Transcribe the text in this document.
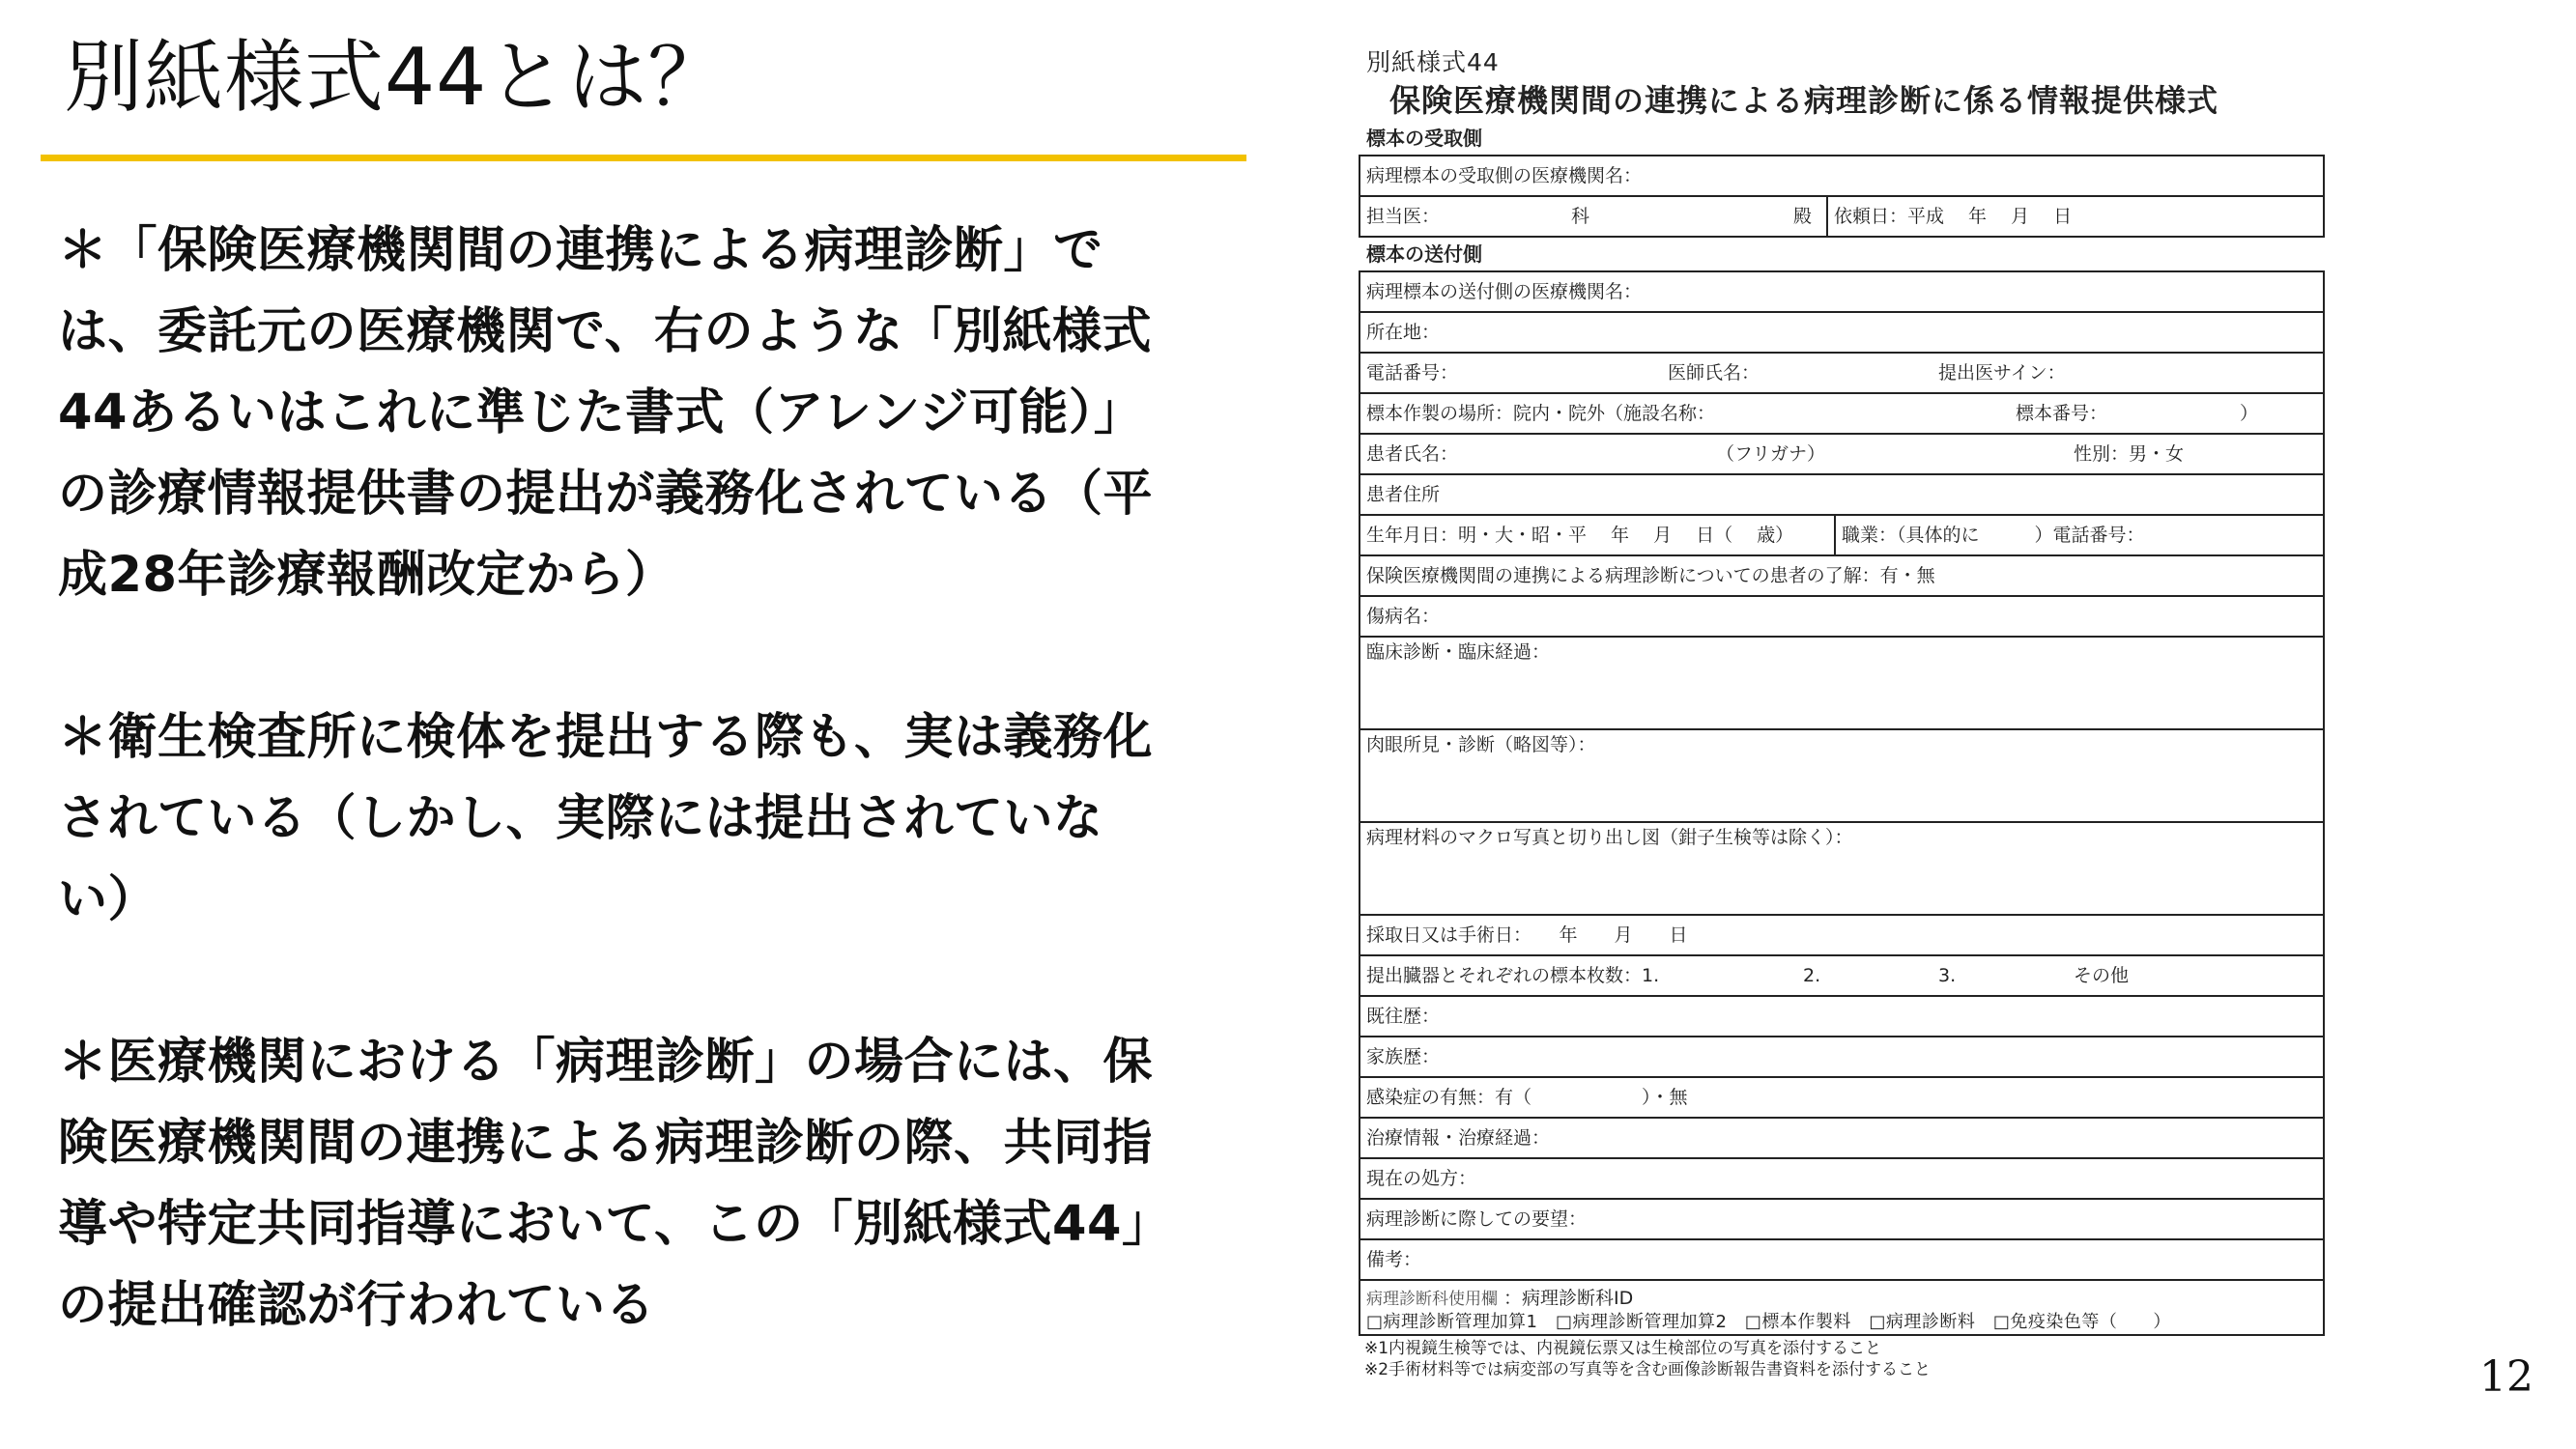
別紙様式44とは？

＊「保険医療機関間の連携による病理診断」では、委託元の医療機関で、右のような「別紙様式44あるいはこれに準じた書式（アレンジ可能）」の診療情報提供書の提出が義務化されている（平成28年診療報酬改定から）

＊衛生検査所に検体を提出する際も、実は義務化されている（しかし、実際には提出されていない）

＊医療機関における「病理診断」の場合には、保険医療機関間の連携による病理診断の際、共同指導や特定共同指導において、この「別紙様式44」の提出確認が行われている

12
別紙様式44
保険医療機関間の連携による病理診断に係る情報提供様式
標本の受取側
病理標本の受取側の医療機関名：
担当医：	科	殿	依頼日：平成　 年　 月　 日
標本の送付側
病理標本の送付側の医療機関名：
所在地：
電話番号：	医師氏名：	提出医サイン：
標本作製の場所：院内・院外（施設名称：	標本番号：	）
患者氏名：	（フリガナ）	性別：男・女
患者住所
生年月日：明・大・昭・平　 年　 月　 日（　 歳）	職業：（具体的に　　　）電話番号：
保険医療機関間の連携による病理診断についての患者の了解：有・無
傷病名：
臨床診断・臨床経過：
肉眼所見・診断（略図等）：
病理材料のマクロ写真と切り出し図（鉗子生検等は除く）：
採取日又は手術日：　　年　　月　　日
提出臓器とそれぞれの標本枚数：1.	2.	3.	その他
既往歴：
家族歴：
感染症の有無：有（　　　　　　）・無
治療情報・治療経過：
現在の処方：
病理診断に際しての要望：
備考：
病理診断科使用欄 ：病理診断科ID
□病理診断管理加算1　□病理診断管理加算2　□標本作製料　□病理診断料　□免疫染色等（　　）
※1内視鏡生検等では、内視鏡伝票又は生検部位の写真を添付すること
※2手術材料等では病変部の写真等を含む画像診断報告書資料を添付すること
